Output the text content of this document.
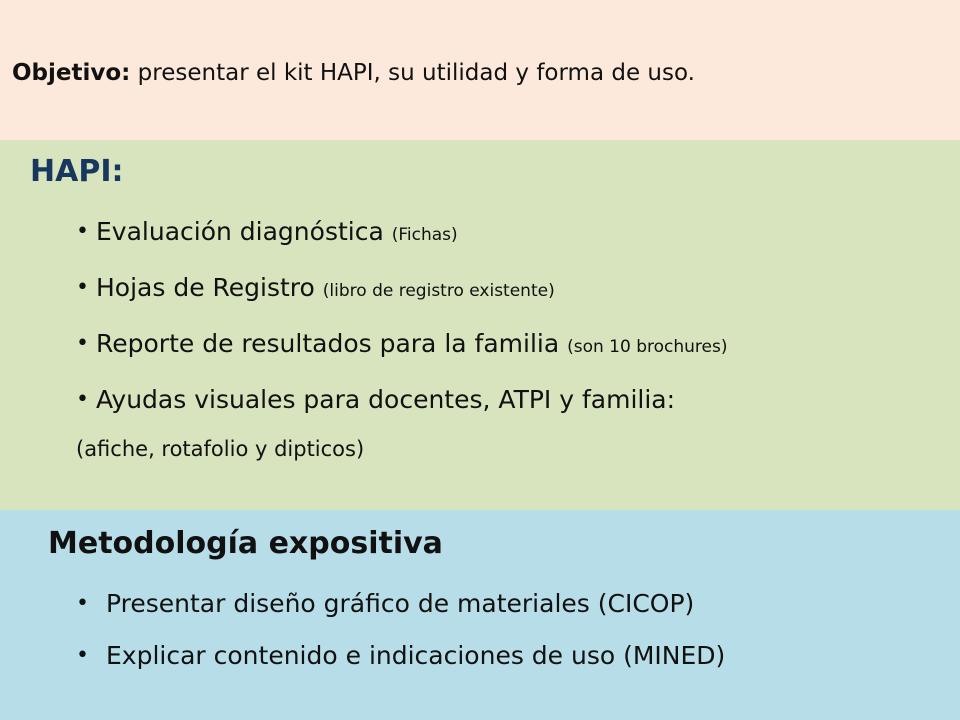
Objetivo: presentar el kit HAPI, su utilidad y forma de uso.
HAPI:
• Evaluación diagnóstica (Fichas)
• Hojas de Registro (libro de registro existente)
• Reporte de resultados para la familia (son 10 brochures)
• Ayudas visuales para docentes, ATPI y familia:
(afiche, rotafolio y dipticos)
Metodología expositiva
• Presentar diseño gráfico de materiales (CICOP)
• Explicar contenido e indicaciones de uso (MINED)
